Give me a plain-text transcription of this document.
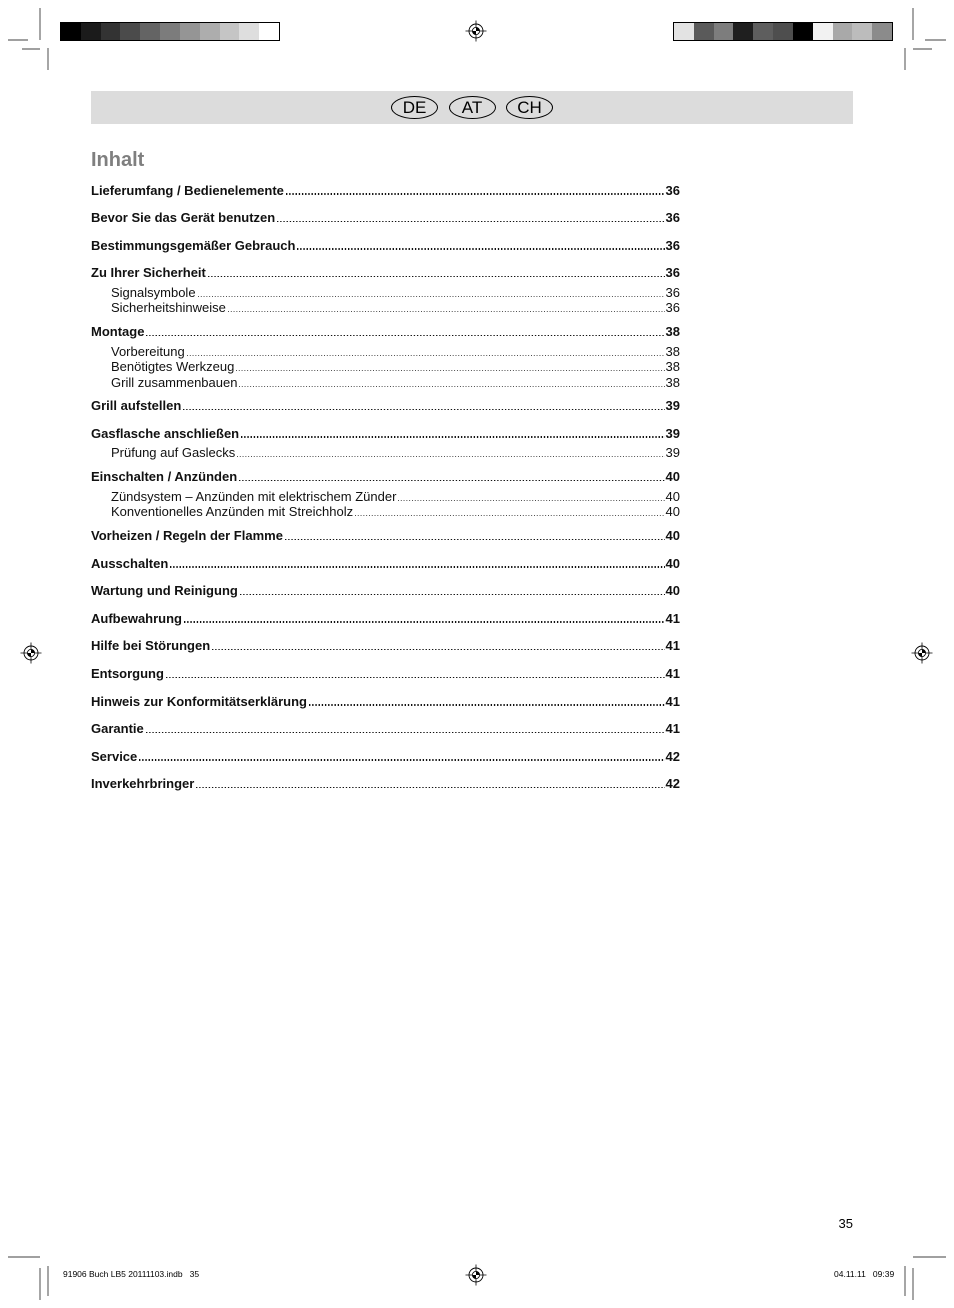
DE	AT	CH
Inhalt
Lieferumfang / Bedienelemente	36
Bevor Sie das Gerät benutzen	36
Bestimmungsgemäßer Gebrauch	36
Zu Ihrer Sicherheit	36
Signalsymbole	36
Sicherheitshinweise	36
Montage	38
Vorbereitung	38
Benötigtes Werkzeug	38
Grill zusammenbauen	38
Grill aufstellen	39
Gasflasche anschließen	39
Prüfung auf Gaslecks	39
Einschalten / Anzünden	40
Zündsystem – Anzünden mit elektrischem Zünder	40
Konventionelles Anzünden mit Streichholz	40
Vorheizen / Regeln der Flamme	40
Ausschalten	40
Wartung und Reinigung	40
Aufbewahrung	41
Hilfe bei Störungen	41
Entsorgung	41
Hinweis zur Konformitätserklärung	41
Garantie	41
Service	42
Inverkehrbringer	42
35
91906 Buch LB5 20111103.indb   35	04.11.11   09:39
